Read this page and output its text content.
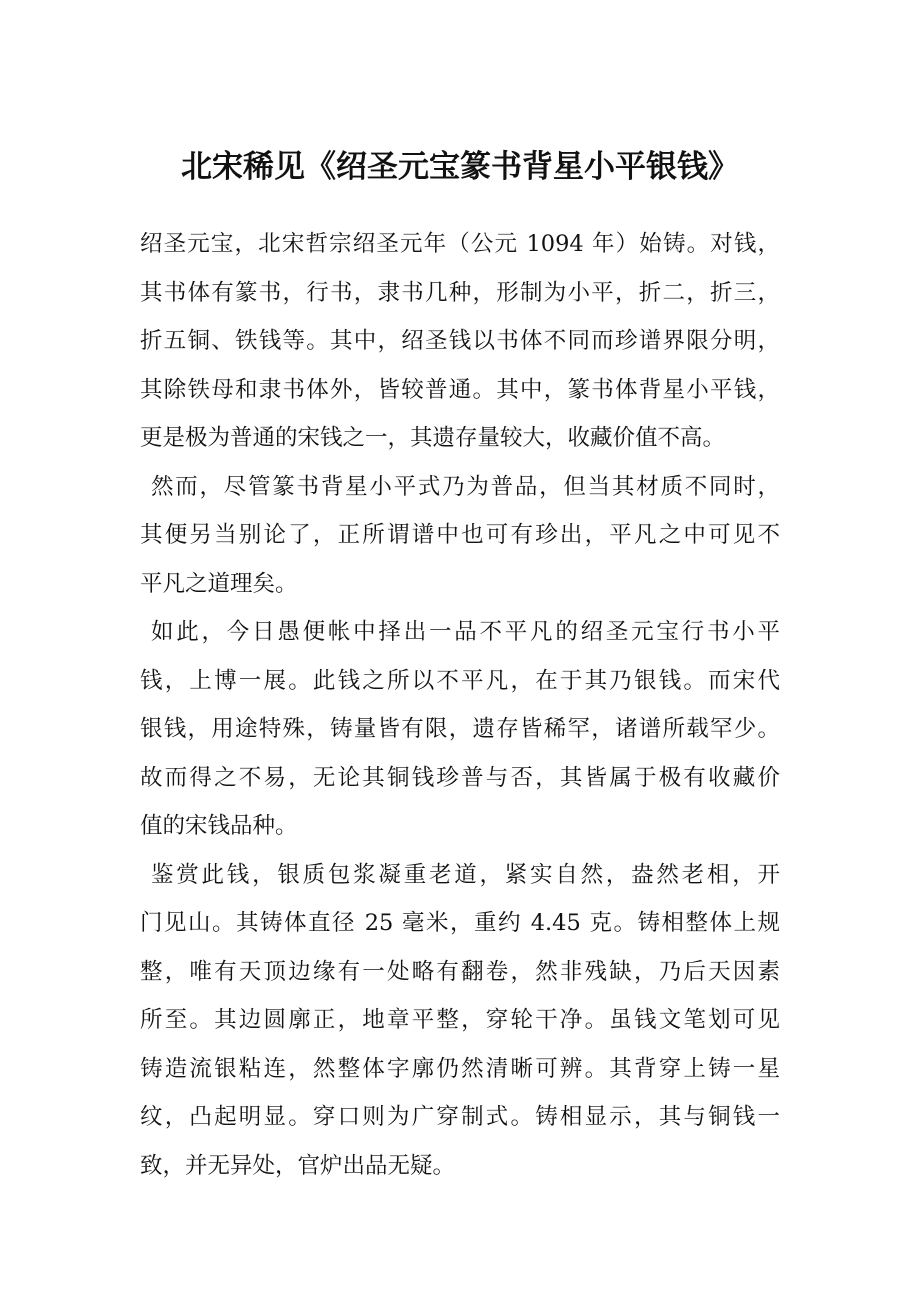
北宋稀见《绍圣元宝篆书背星小平银钱》
绍圣元宝，北宋哲宗绍圣元年（公元 1094 年）始铸。对钱，
其书体有篆书，行书，隶书几种，形制为小平，折二，折三，
折五铜、铁钱等。其中，绍圣钱以书体不同而珍谱界限分明，
其除铁母和隶书体外，皆较普通。其中，篆书体背星小平钱，
更是极为普通的宋钱之一，其遗存量较大，收藏价值不高。
然而，尽管篆书背星小平式乃为普品，但当其材质不同时，
其便另当别论了，正所谓谱中也可有珍出，平凡之中可见不
平凡之道理矣。
如此，今日愚便帐中择出一品不平凡的绍圣元宝行书小平
钱，上博一展。此钱之所以不平凡，在于其乃银钱。而宋代
银钱，用途特殊，铸量皆有限，遗存皆稀罕，诸谱所载罕少。
故而得之不易，无论其铜钱珍普与否，其皆属于极有收藏价
值的宋钱品种。
鉴赏此钱，银质包浆凝重老道，紧实自然，盎然老相，开
门见山。其铸体直径 25 毫米，重约 4.45 克。铸相整体上规
整，唯有天顶边缘有一处略有翻卷，然非残缺，乃后天因素
所至。其边圆廓正，地章平整，穿轮干净。虽钱文笔划可见
铸造流银粘连，然整体字廓仍然清晰可辨。其背穿上铸一星
纹，凸起明显。穿口则为广穿制式。铸相显示，其与铜钱一
致，并无异处，官炉出品无疑。
